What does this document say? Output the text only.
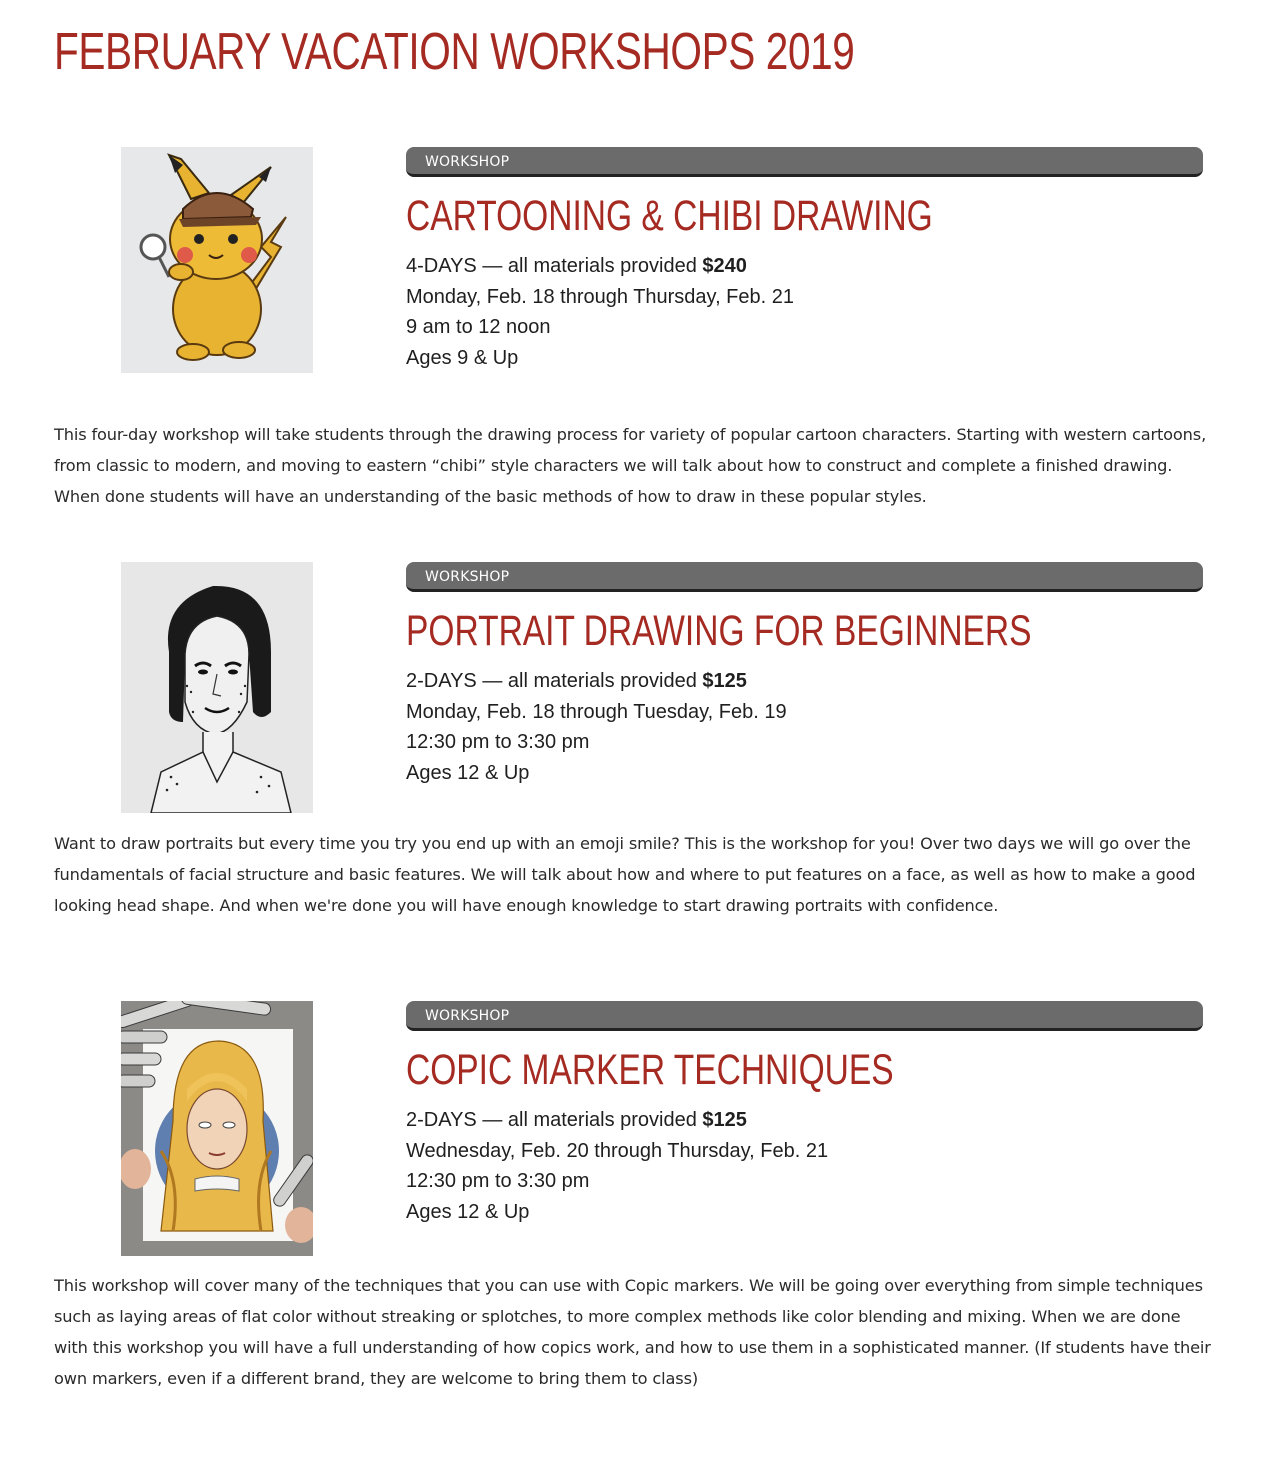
FEBRUARY VACATION WORKSHOPS 2019
WORKSHOP
CARTOONING & CHIBI DRAWING
4-DAYS — all materials provided $240
Monday, Feb. 18 through Thursday, Feb. 21
9 am to 12 noon
Ages 9 & Up

This four-day workshop will take students through the drawing process for variety of popular cartoon characters. Starting with western cartoons, from classic to modern, and moving to eastern “chibi” style characters we will talk about how to construct and complete a finished drawing. When done students will have an understanding of the basic methods of how to draw in these popular styles.

WORKSHOP
PORTRAIT DRAWING FOR BEGINNERS
2-DAYS — all materials provided $125
Monday, Feb. 18 through Tuesday, Feb. 19
12:30 pm to 3:30 pm
Ages 12 & Up

Want to draw portraits but every time you try you end up with an emoji smile? This is the workshop for you! Over two days we will go over the fundamentals of facial structure and basic features. We will talk about how and where to put features on a face, as well as how to make a good looking head shape. And when we're done you will have enough knowledge to start drawing portraits with confidence.

WORKSHOP
COPIC MARKER TECHNIQUES
2-DAYS — all materials provided $125
Wednesday, Feb. 20 through Thursday, Feb. 21
12:30 pm to 3:30 pm
Ages 12 & Up

This workshop will cover many of the techniques that you can use with Copic markers. We will be going over everything from simple techniques such as laying areas of flat color without streaking or splotches, to more complex methods like color blending and mixing. When we are done with this workshop you will have a full understanding of how copics work, and how to use them in a sophisticated manner. (If students have their own markers, even if a different brand, they are welcome to bring them to class)
